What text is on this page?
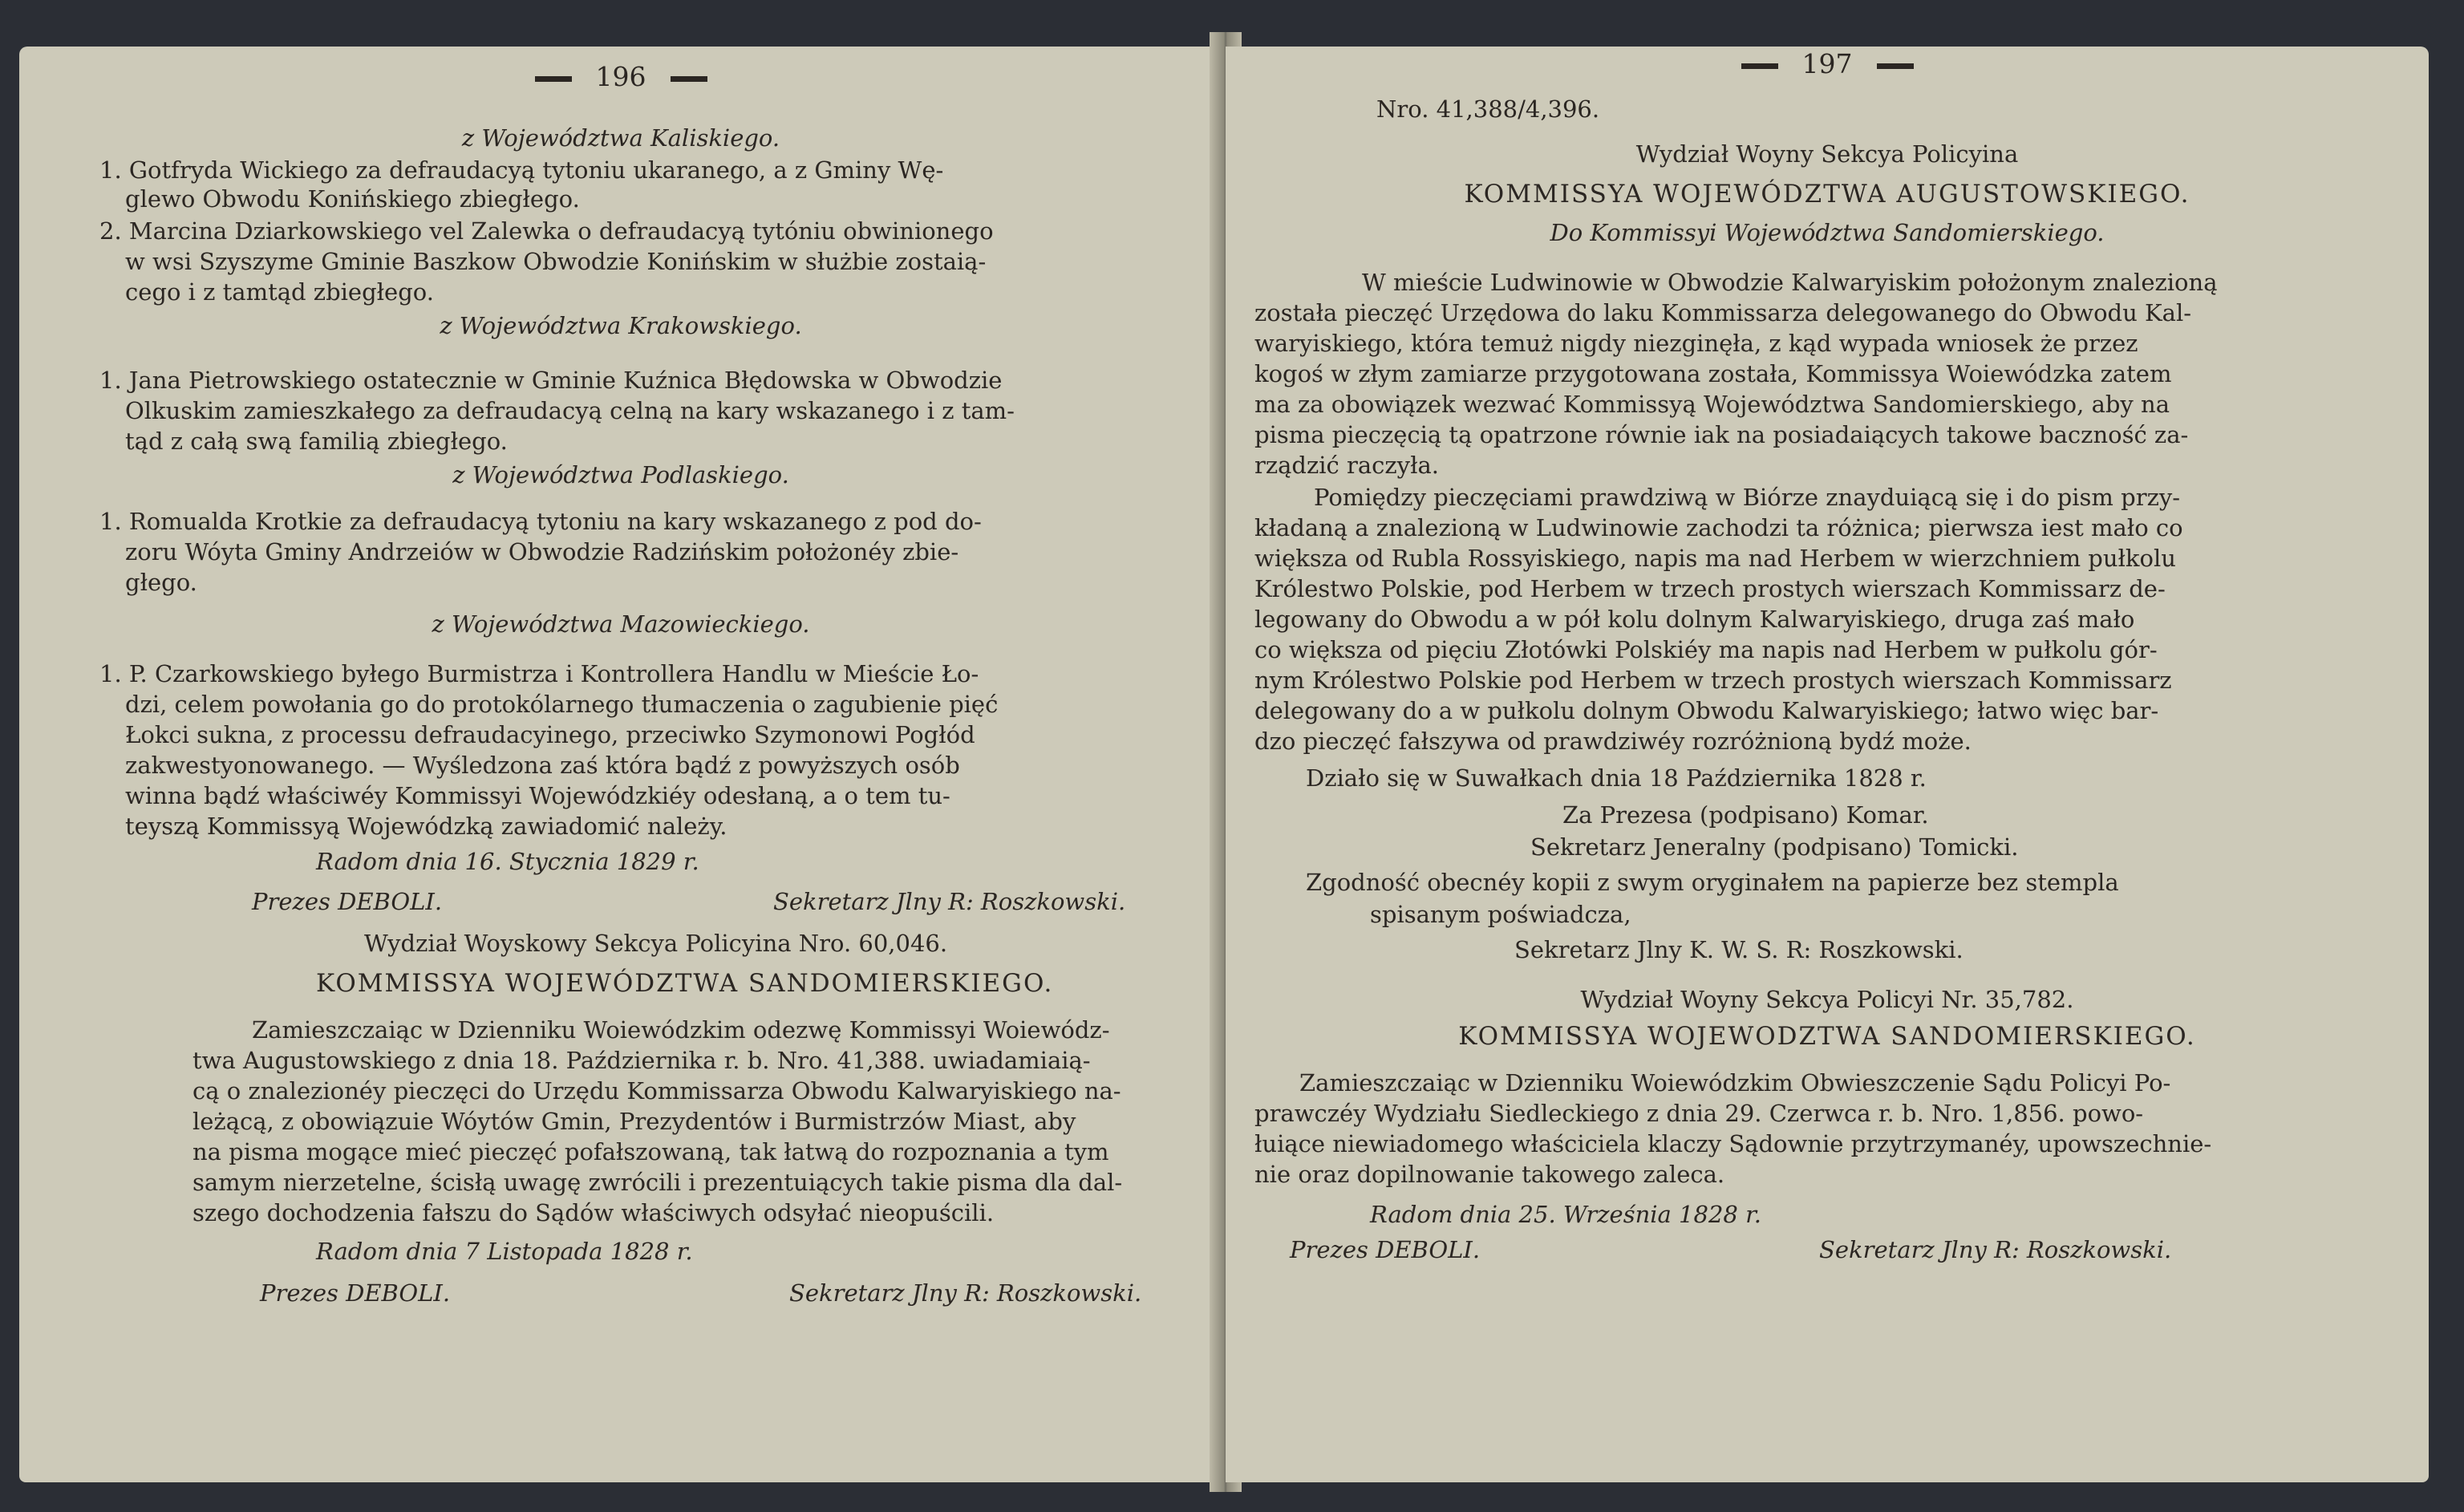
196
z Województwa Kaliskiego.
1. Gotfryda Wickiego za defraudacyą tytoniu ukaranego, a z Gminy Wę-
glewo Obwodu Konińskiego zbiegłego.
2. Marcina Dziarkowskiego vel Zalewka o defraudacyą tytóniu obwinionego
w wsi Szyszyme Gminie Baszkow Obwodzie Konińskim w służbie zostaią-
cego i z tamtąd zbiegłego.
z Województwa Krakowskiego.
1. Jana Pietrowskiego ostatecznie w Gminie Kuźnica Błędowska w Obwodzie
Olkuskim zamieszkałego za defraudacyą celną na kary wskazanego i z tam-
tąd z całą swą familią zbiegłego.
z Województwa Podlaskiego.
1. Romualda Krotkie za defraudacyą tytoniu na kary wskazanego z pod do-
zoru Wóyta Gminy Andrzeiów w Obwodzie Radzińskim położonéy zbie-
głego.
z Województwa Mazowieckiego.
1. P. Czarkowskiego byłego Burmistrza i Kontrollera Handlu w Mieście Ło-
dzi, celem powołania go do protokólarnego tłumaczenia o zagubienie pięć
Łokci sukna, z processu defraudacyinego, przeciwko Szymonowi Pogłód
zakwestyonowanego. — Wyśledzona zaś która bądź z powyższych osób
winna bądź właściwéy Kommissyi Wojewódzkiéy odesłaną, a o tem tu-
teyszą Kommissyą Wojewódzką zawiadomić należy.
Radom dnia 16. Stycznia 1829 r.
Prezes DEBOLI.	Sekretarz Jlny R: Roszkowski.
Wydział Woyskowy Sekcya Policyina Nro. 60,046.
KOMMISSYA WOJEWÓDZTWA SANDOMIERSKIEGO.
Zamieszczaiąc w Dzienniku Woiewódzkim odezwę Kommissyi Woiewódz-
twa Augustowskiego z dnia 18. Października r. b. Nro. 41,388. uwiadamiaią-
cą o znalezionéy pieczęci do Urzędu Kommissarza Obwodu Kalwaryiskiego na-
leżącą, z obowiązuie Wóytów Gmin, Prezydentów i Burmistrzów Miast, aby
na pisma mogące mieć pieczęć pofałszowaną, tak łatwą do rozpoznania a tym
samym nierzetelne, ścisłą uwagę zwrócili i prezentuiących takie pisma dla dal-
szego dochodzenia fałszu do Sądów właściwych odsyłać nieopuścili.
Radom dnia 7 Listopada 1828 r.
Prezes DEBOLI.	Sekretarz Jlny R: Roszkowski.
197
Nro. 41,388/4,396.
Wydział Woyny Sekcya Policyina
KOMMISSYA WOJEWÓDZTWA AUGUSTOWSKIEGO.
Do Kommissyi Województwa Sandomierskiego.
W mieście Ludwinowie w Obwodzie Kalwaryiskim położonym znalezioną
została pieczęć Urzędowa do laku Kommissarza delegowanego do Obwodu Kal-
waryiskiego, która temuż nigdy niezginęła, z kąd wypada wniosek że przez
kogoś w złym zamiarze przygotowana została, Kommissya Woiewódzka zatem
ma za obowiązek wezwać Kommissyą Województwa Sandomierskiego, aby na
pisma pieczęcią tą opatrzone równie iak na posiadaiących takowe baczność za-
rządzić raczyła.
Pomiędzy pieczęciami prawdziwą w Biórze znayduiącą się i do pism przy-
kładaną a znalezioną w Ludwinowie zachodzi ta różnica; pierwsza iest mało co
większa od Rubla Rossyiskiego, napis ma nad Herbem w wierzchniem pułkolu
Królestwo Polskie, pod Herbem w trzech prostych wierszach Kommissarz de-
legowany do Obwodu a w pół kolu dolnym Kalwaryiskiego, druga zaś mało
co większa od pięciu Złotówki Polskiéy ma napis nad Herbem w pułkolu gór-
nym Królestwo Polskie pod Herbem w trzech prostych wierszach Kommissarz
delegowany do a w pułkolu dolnym Obwodu Kalwaryiskiego; łatwo więc bar-
dzo pieczęć fałszywa od prawdziwéy rozróżnioną bydź może.
Działo się w Suwałkach dnia 18 Października 1828 r.
Za Prezesa (podpisano) Komar.
Sekretarz Jeneralny (podpisano) Tomicki.
Zgodność obecnéy kopii z swym oryginałem na papierze bez stempla
spisanym poświadcza,
Sekretarz Jlny K. W. S. R: Roszkowski.
Wydział Woyny Sekcya Policyi Nr. 35,782.
KOMMISSYA WOJEWODZTWA SANDOMIERSKIEGO.
Zamieszczaiąc w Dzienniku Woiewódzkim Obwieszczenie Sądu Policyi Po-
prawczéy Wydziału Siedleckiego z dnia 29. Czerwca r. b. Nro. 1,856. powo-
łuiące niewiadomego właściciela klaczy Sądownie przytrzymanéy, upowszechnie-
nie oraz dopilnowanie takowego zaleca.
Radom dnia 25. Września 1828 r.
Prezes DEBOLI.	Sekretarz Jlny R: Roszkowski.
